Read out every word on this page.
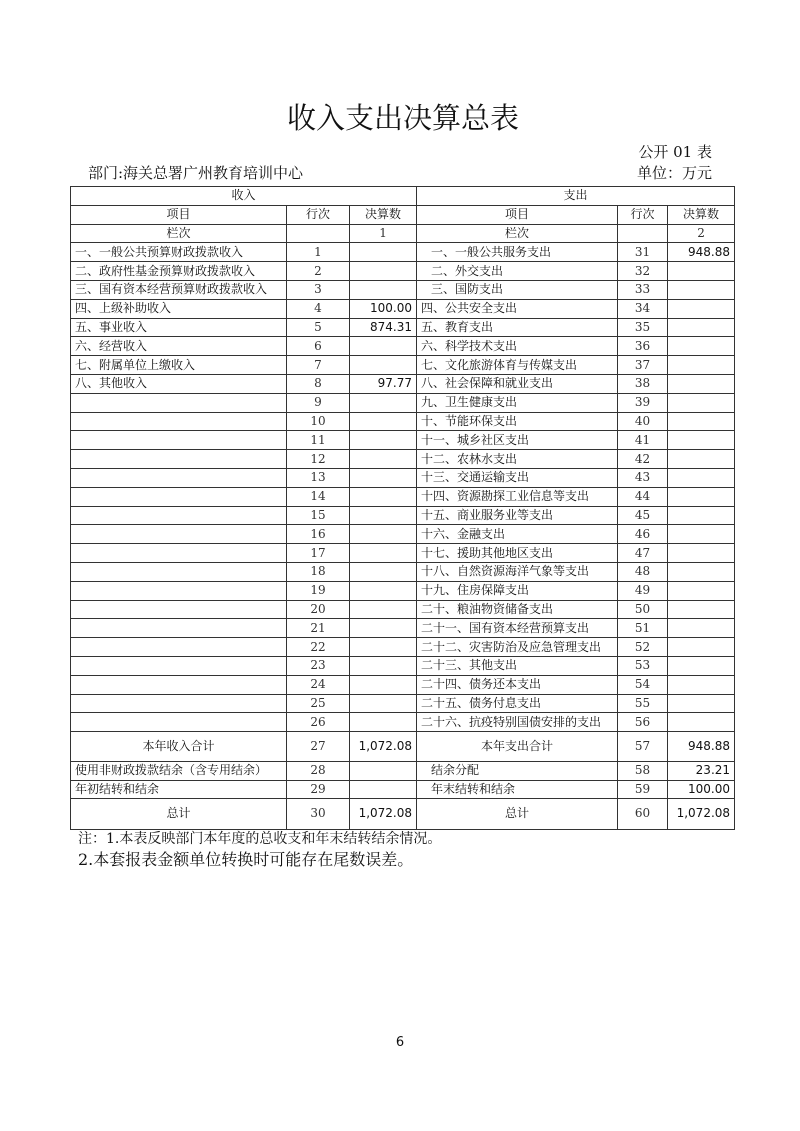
收入支出决算总表
公开 01 表
部门:海关总署广州教育培训中心	单位：万元
收入			支出		
项目	行次	决算数	项目	行次	决算数
栏次		1	栏次		2
一、一般公共预算财政拨款收入	1		一、一般公共服务支出	31	948.88
二、政府性基金预算财政拨款收入	2		二、外交支出	32	
三、国有资本经营预算财政拨款收入	3		三、国防支出	33	
四、上级补助收入	4	100.00	四、公共安全支出	34	
五、事业收入	5	874.31	五、教育支出	35	
六、经营收入	6		六、科学技术支出	36	
七、附属单位上缴收入	7		七、文化旅游体育与传媒支出	37	
八、其他收入	8	97.77	八、社会保障和就业支出	38	
	9		九、卫生健康支出	39	
	10		十、节能环保支出	40	
	11		十一、城乡社区支出	41	
	12		十二、农林水支出	42	
	13		十三、交通运输支出	43	
	14		十四、资源勘探工业信息等支出	44	
	15		十五、商业服务业等支出	45	
	16		十六、金融支出	46	
	17		十七、援助其他地区支出	47	
	18		十八、自然资源海洋气象等支出	48	
	19		十九、住房保障支出	49	
	20		二十、粮油物资储备支出	50	
	21		二十一、国有资本经营预算支出	51	
	22		二十二、灾害防治及应急管理支出	52	
	23		二十三、其他支出	53	
	24		二十四、债务还本支出	54	
	25		二十五、债务付息支出	55	
	26		二十六、抗疫特别国债安排的支出	56	
本年收入合计	27	1,072.08	本年支出合计	57	948.88
使用非财政拨款结余（含专用结余）	28		结余分配	58	23.21
年初结转和结余	29		年末结转和结余	59	100.00
总计	30	1,072.08	总计	60	1,072.08
注：1.本表反映部门本年度的总收支和年末结转结余情况。
2.本套报表金额单位转换时可能存在尾数误差。
6
